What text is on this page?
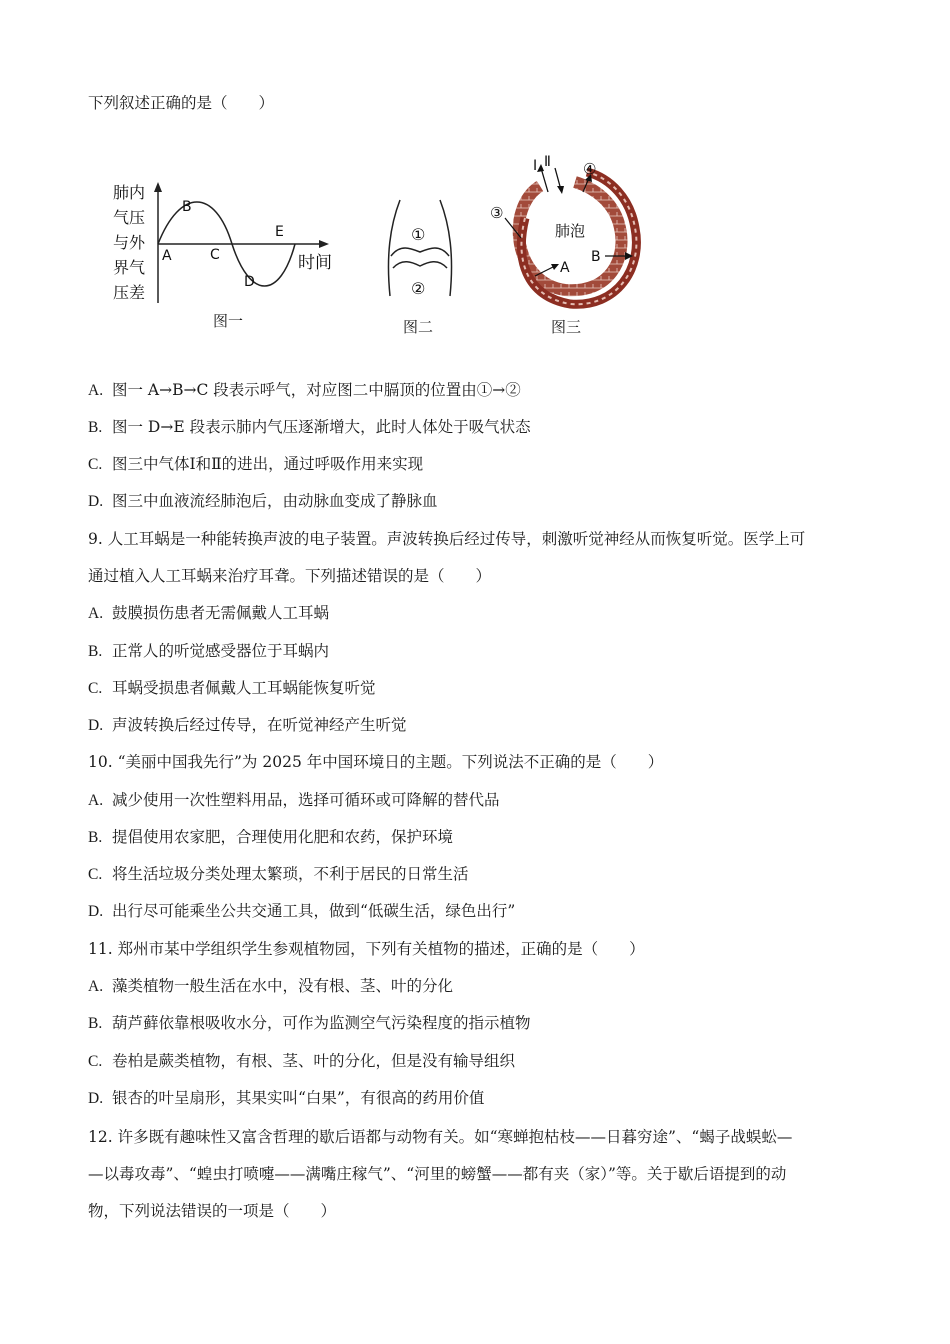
下列叙述正确的是（　　）
肺内
气压
与外
界气
压差
时间
A
B
C
D
E
图一
①
②
图二
Ⅰ Ⅱ
③
④
肺泡
A
B
图三
A. 图一 A→B→C 段表示呼气，对应图二中膈顶的位置由①→②
B. 图一 D→E 段表示肺内气压逐渐增大，此时人体处于吸气状态
C. 图三中气体Ⅰ和Ⅱ的进出，通过呼吸作用来实现
D. 图三中血液流经肺泡后，由动脉血变成了静脉血
9. 人工耳蜗是一种能转换声波的电子装置。声波转换后经过传导，刺激听觉神经从而恢复听觉。医学上可
通过植入人工耳蜗来治疗耳聋。下列描述错误的是（　　）
A. 鼓膜损伤患者无需佩戴人工耳蜗
B. 正常人的听觉感受器位于耳蜗内
C. 耳蜗受损患者佩戴人工耳蜗能恢复听觉
D. 声波转换后经过传导，在听觉神经产生听觉
10. “美丽中国我先行”为 2025 年中国环境日的主题。下列说法不正确的是（　　）
A. 减少使用一次性塑料用品，选择可循环或可降解的替代品
B. 提倡使用农家肥，合理使用化肥和农药，保护环境
C. 将生活垃圾分类处理太繁琐，不利于居民的日常生活
D. 出行尽可能乘坐公共交通工具，做到“低碳生活，绿色出行”
11. 郑州市某中学组织学生参观植物园，下列有关植物的描述，正确的是（　　）
A. 藻类植物一般生活在水中，没有根、茎、叶的分化
B. 葫芦藓依靠根吸收水分，可作为监测空气污染程度的指示植物
C. 卷柏是蕨类植物，有根、茎、叶的分化，但是没有输导组织
D. 银杏的叶呈扇形，其果实叫“白果”，有很高的药用价值
12. 许多既有趣味性又富含哲理的歇后语都与动物有关。如“寒蝉抱枯枝——日暮穷途”、“蝎子战蜈蚣—
—以毒攻毒”、“蝗虫打喷嚏——满嘴庄稼气”、“河里的螃蟹——都有夹（家）”等。关于歇后语提到的动
物，下列说法错误的一项是（　　）
